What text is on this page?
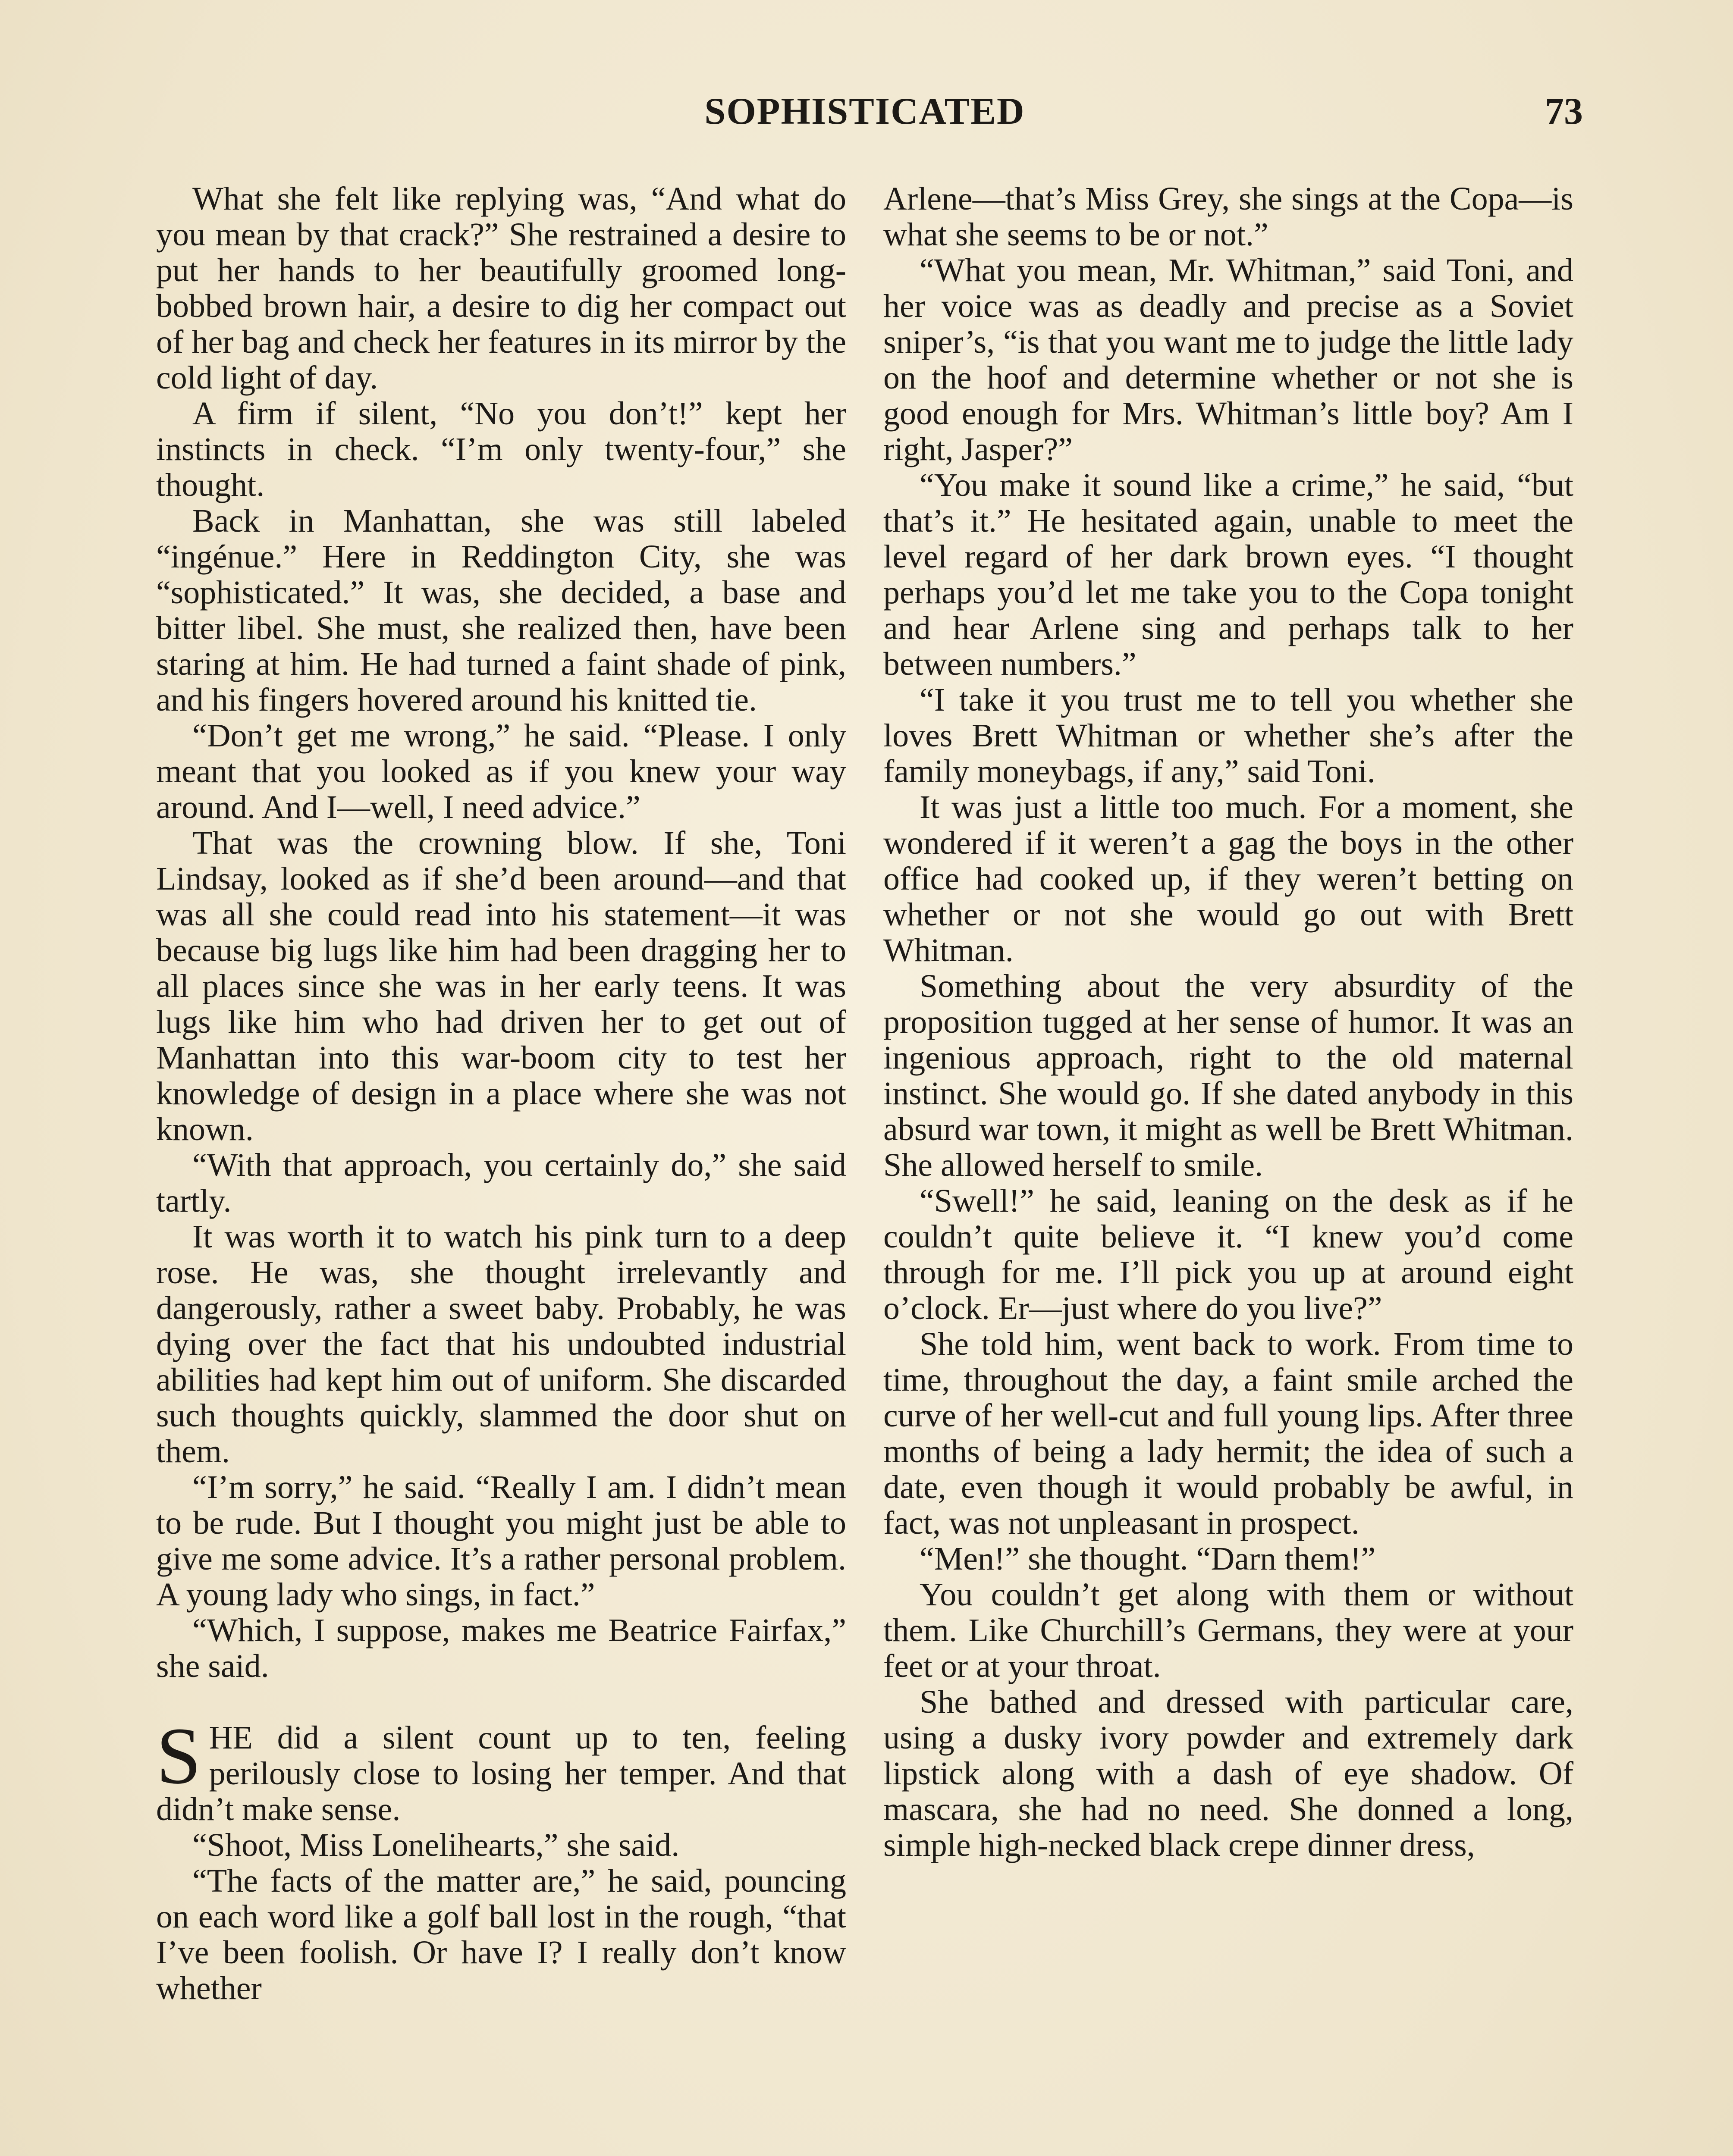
SOPHISTICATED	73

What she felt like replying was, “And what do you mean by that crack?” She restrained a desire to put her hands to her beautifully groomed long-bobbed brown hair, a desire to dig her compact out of her bag and check her features in its mirror by the cold light of day.

A firm if silent, “No you don’t!” kept her instincts in check. “I’m only twenty-four,” she thought.

Back in Manhattan, she was still labeled “ingénue.” Here in Reddington City, she was “sophisticated.” It was, she decided, a base and bitter libel. She must, she realized then, have been staring at him. He had turned a faint shade of pink, and his fingers hovered around his knitted tie.

“Don’t get me wrong,” he said. “Please. I only meant that you looked as if you knew your way around. And I—well, I need advice.”

That was the crowning blow. If she, Toni Lindsay, looked as if she’d been around—and that was all she could read into his statement—it was because big lugs like him had been dragging her to all places since she was in her early teens. It was lugs like him who had driven her to get out of Manhattan into this war-boom city to test her knowledge of design in a place where she was not known.

“With that approach, you certainly do,” she said tartly.

It was worth it to watch his pink turn to a deep rose. He was, she thought irrelevantly and dangerously, rather a sweet baby. Probably, he was dying over the fact that his undoubted industrial abilities had kept him out of uniform. She discarded such thoughts quickly, slammed the door shut on them.

“I’m sorry,” he said. “Really I am. I didn’t mean to be rude. But I thought you might just be able to give me some advice. It’s a rather personal problem. A young lady who sings, in fact.”

“Which, I suppose, makes me Beatrice Fairfax,” she said.

SHE did a silent count up to ten, feeling perilously close to losing her temper. And that didn’t make sense.

“Shoot, Miss Lonelihearts,” she said.

“The facts of the matter are,” he said, pouncing on each word like a golf ball lost in the rough, “that I’ve been foolish. Or have I? I really don’t know whether

Arlene—that’s Miss Grey, she sings at the Copa—is what she seems to be or not.”

“What you mean, Mr. Whitman,” said Toni, and her voice was as deadly and precise as a Soviet sniper’s, “is that you want me to judge the little lady on the hoof and determine whether or not she is good enough for Mrs. Whitman’s little boy? Am I right, Jasper?”

“You make it sound like a crime,” he said, “but that’s it.” He hesitated again, unable to meet the level regard of her dark brown eyes. “I thought perhaps you’d let me take you to the Copa tonight and hear Arlene sing and perhaps talk to her between numbers.”

“I take it you trust me to tell you whether she loves Brett Whitman or whether she’s after the family moneybags, if any,” said Toni.

It was just a little too much. For a moment, she wondered if it weren’t a gag the boys in the other office had cooked up, if they weren’t betting on whether or not she would go out with Brett Whitman.

Something about the very absurdity of the proposition tugged at her sense of humor. It was an ingenious approach, right to the old maternal instinct. She would go. If she dated anybody in this absurd war town, it might as well be Brett Whitman. She allowed herself to smile.

“Swell!” he said, leaning on the desk as if he couldn’t quite believe it. “I knew you’d come through for me. I’ll pick you up at around eight o’clock. Er—just where do you live?”

She told him, went back to work. From time to time, throughout the day, a faint smile arched the curve of her well-cut and full young lips. After three months of being a lady hermit; the idea of such a date, even though it would probably be awful, in fact, was not unpleasant in prospect.

“Men!” she thought. “Darn them!”

You couldn’t get along with them or without them. Like Churchill’s Germans, they were at your feet or at your throat.

She bathed and dressed with particular care, using a dusky ivory powder and extremely dark lipstick along with a dash of eye shadow. Of mascara, she had no need. She donned a long, simple high-necked black crepe dinner dress,
